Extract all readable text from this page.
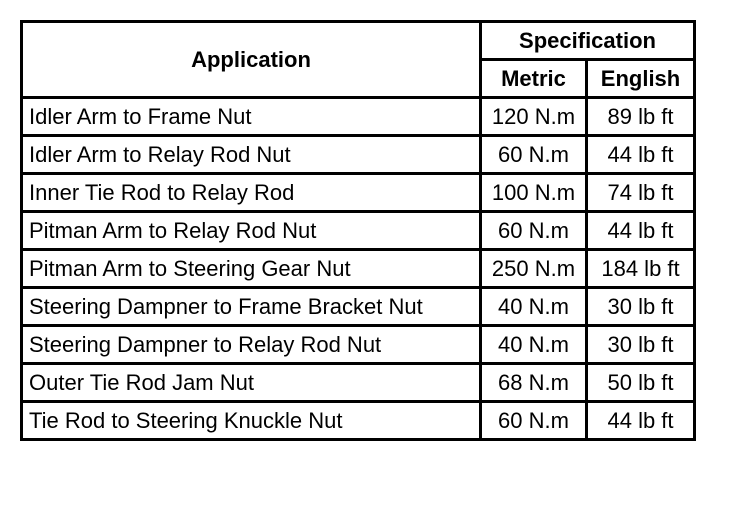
Application	Specification	
	Metric	English
Idler Arm to Frame Nut	120 N.m	89 lb ft
Idler Arm to Relay Rod Nut	60 N.m	44 lb ft
Inner Tie Rod to Relay Rod	100 N.m	74 lb ft
Pitman Arm to Relay Rod Nut	60 N.m	44 lb ft
Pitman Arm to Steering Gear Nut	250 N.m	184 lb ft
Steering Dampner to Frame Bracket Nut	40 N.m	30 lb ft
Steering Dampner to Relay Rod Nut	40 N.m	30 lb ft
Outer Tie Rod Jam Nut	68 N.m	50 lb ft
Tie Rod to Steering Knuckle Nut	60 N.m	44 lb ft
